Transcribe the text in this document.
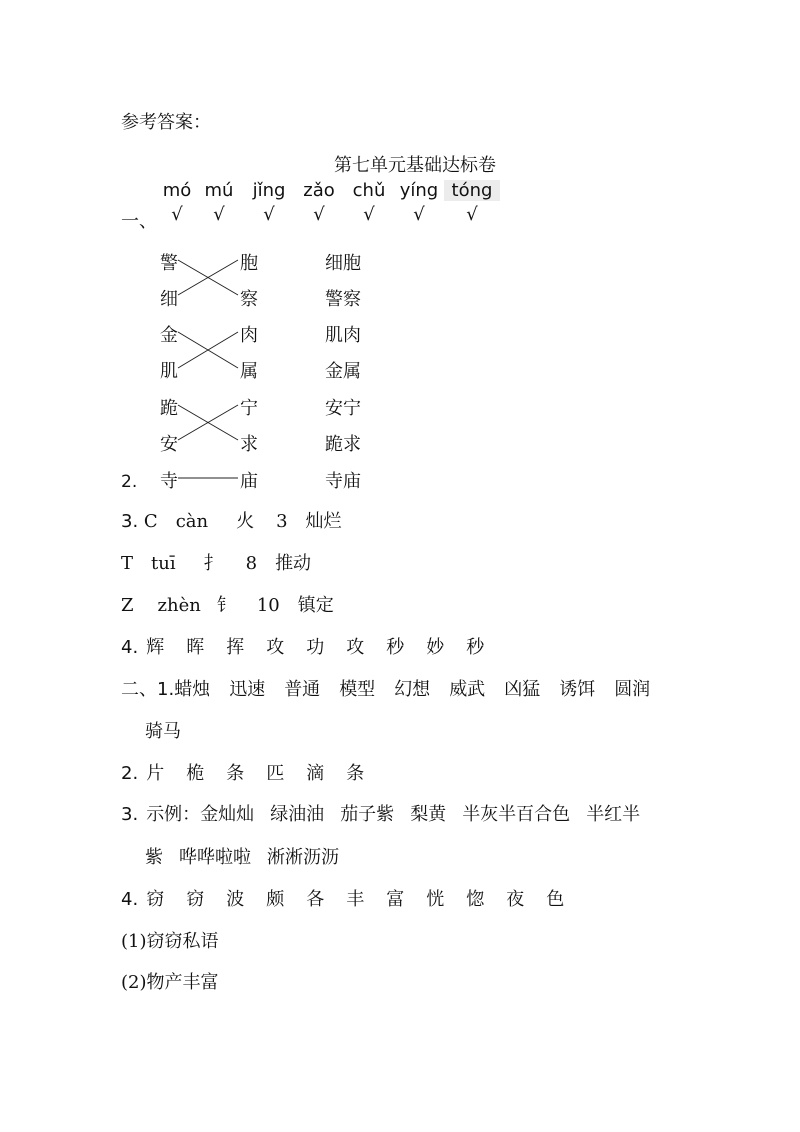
参考答案：
第七单元基础达标卷
mó mú jǐng zǎo chǔ yíng tóng
一、 √ √ √ √ √ √ √
警
细
胞
察
细胞
警察
金
肌
肉
属
肌肉
金属
跪
安
宁
求
安宁
跪求
2. 寺	庙	寺庙
3. C càn 火 3 灿烂
T tuī 扌 8 推动
Z zhèn 钅 10 镇定
4. 辉 晖 挥 攻 功 攻 秒 妙 秒
二、1.蜡烛 迅速 普通 模型 幻想 威武 凶猛 诱饵 圆润
骑马
2. 片 桅 条 匹 滴 条
3. 示例：金灿灿 绿油油 茄子紫 梨黄 半灰半百合色 半红半
紫 哗哗啦啦 淅淅沥沥
4. 窃 窃 波 颇 各 丰 富 恍 惚 夜 色
(1)窃窃私语
(2)物产丰富
